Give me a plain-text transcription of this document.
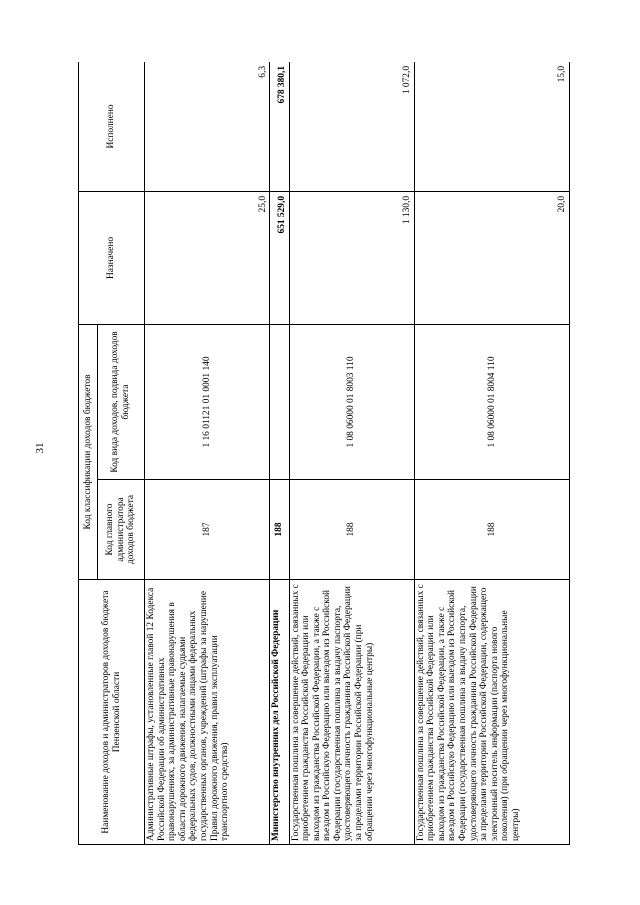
31
Наименование доходов и администраторов доходов бюджета Пензенской области	Код классификации доходов бюджетов		Назначено	Исполнено
	Код главного администратора доходов бюджета	Код вида доходов, подвида доходов бюджета		
Административные штрафы, установленные главой 12 Кодекса Российской Федерации об административных правонарушениях, за административные правонарушения в области дорожного движения, налагаемые судьями федеральных судов, должностными лицами федеральных государственных органов, учреждений (штрафы за нарушение Правил дорожного движения, правил эксплуатации транспортного средства)	187	1 16 01121 01 0001 140	25,0	6,3
Министерство внутренних дел Российской Федерации	188		651 529,0	678 380,1
Государственная пошлина за совершение действий, связанных с приобретением гражданства Российской Федерации или выходом из гражданства Российской Федерации, а также с въездом в Российскую Федерацию или выездом из Российской Федерации (государственная пошлина за выдачу паспорта, удостоверяющего личность гражданина Российской Федерации за пределами территории Российской Федерации (при обращении через многофункциональные центры)	188	1 08 06000 01 8003 110	1 130,0	1 072,0
Государственная пошлина за совершение действий, связанных с приобретением гражданства Российской Федерации или выходом из гражданства Российской Федерации, а также с въездом в Российскую Федерацию или выездом из Российской Федерации (государственная пошлина за выдачу паспорта, удостоверяющего личность гражданина Российской Федерации за пределами территории Российской Федерации, содержащего электронный носитель информации (паспорта нового поколения) (при обращении через многофункциональные центры)	188	1 08 06000 01 8004 110	20,0	15,0
